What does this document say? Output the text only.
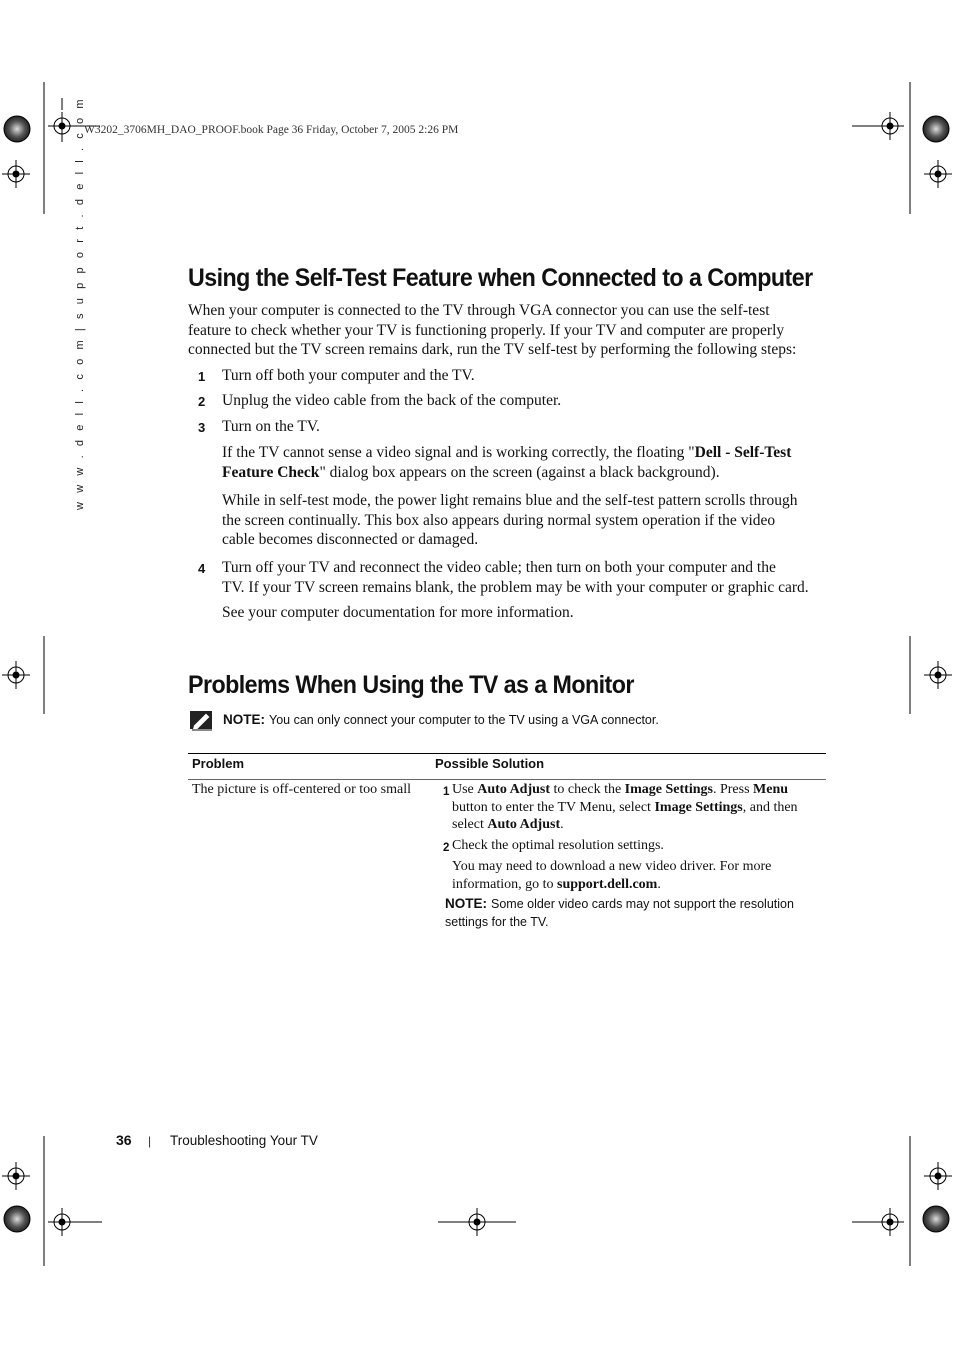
W3202_3706MH_DAO_PROOF.book Page 36 Friday, October 7, 2005 2:26 PM
w w w . d e l l . c o m | s u p p o r t . d e l l . c o m	Using the Self-Test Feature when Connected to a Computer
When your computer is connected to the TV through VGA connector you can use the self-test
feature to check whether your TV is functioning properly. If your TV and computer are properly
connected but the TV screen remains dark, run the TV self-test by performing the following steps:
1 Turn off both your computer and the TV.
2 Unplug the video cable from the back of the computer.
3 Turn on the TV.
If the TV cannot sense a video signal and is working correctly, the floating "Dell - Self-Test
Feature Check" dialog box appears on the screen (against a black background).
While in self-test mode, the power light remains blue and the self-test pattern scrolls through
the screen continually. This box also appears during normal system operation if the video
cable becomes disconnected or damaged.
4 Turn off your TV and reconnect the video cable; then turn on both your computer and the
TV. If your TV screen remains blank, the problem may be with your computer or graphic card.
See your computer documentation for more information.
Problems When Using the TV as a Monitor
NOTE: You can only connect your computer to the TV using a VGA connector.
Problem	Possible Solution
The picture is off-centered or too small	1 Use Auto Adjust to check the Image Settings. Press Menu
button to enter the TV Menu, select Image Settings, and then
select Auto Adjust.
2 Check the optimal resolution settings.
You may need to download a new video driver. For more
information, go to support.dell.com.
NOTE: Some older video cards may not support the resolution
settings for the TV.
36 | Troubleshooting Your TV
